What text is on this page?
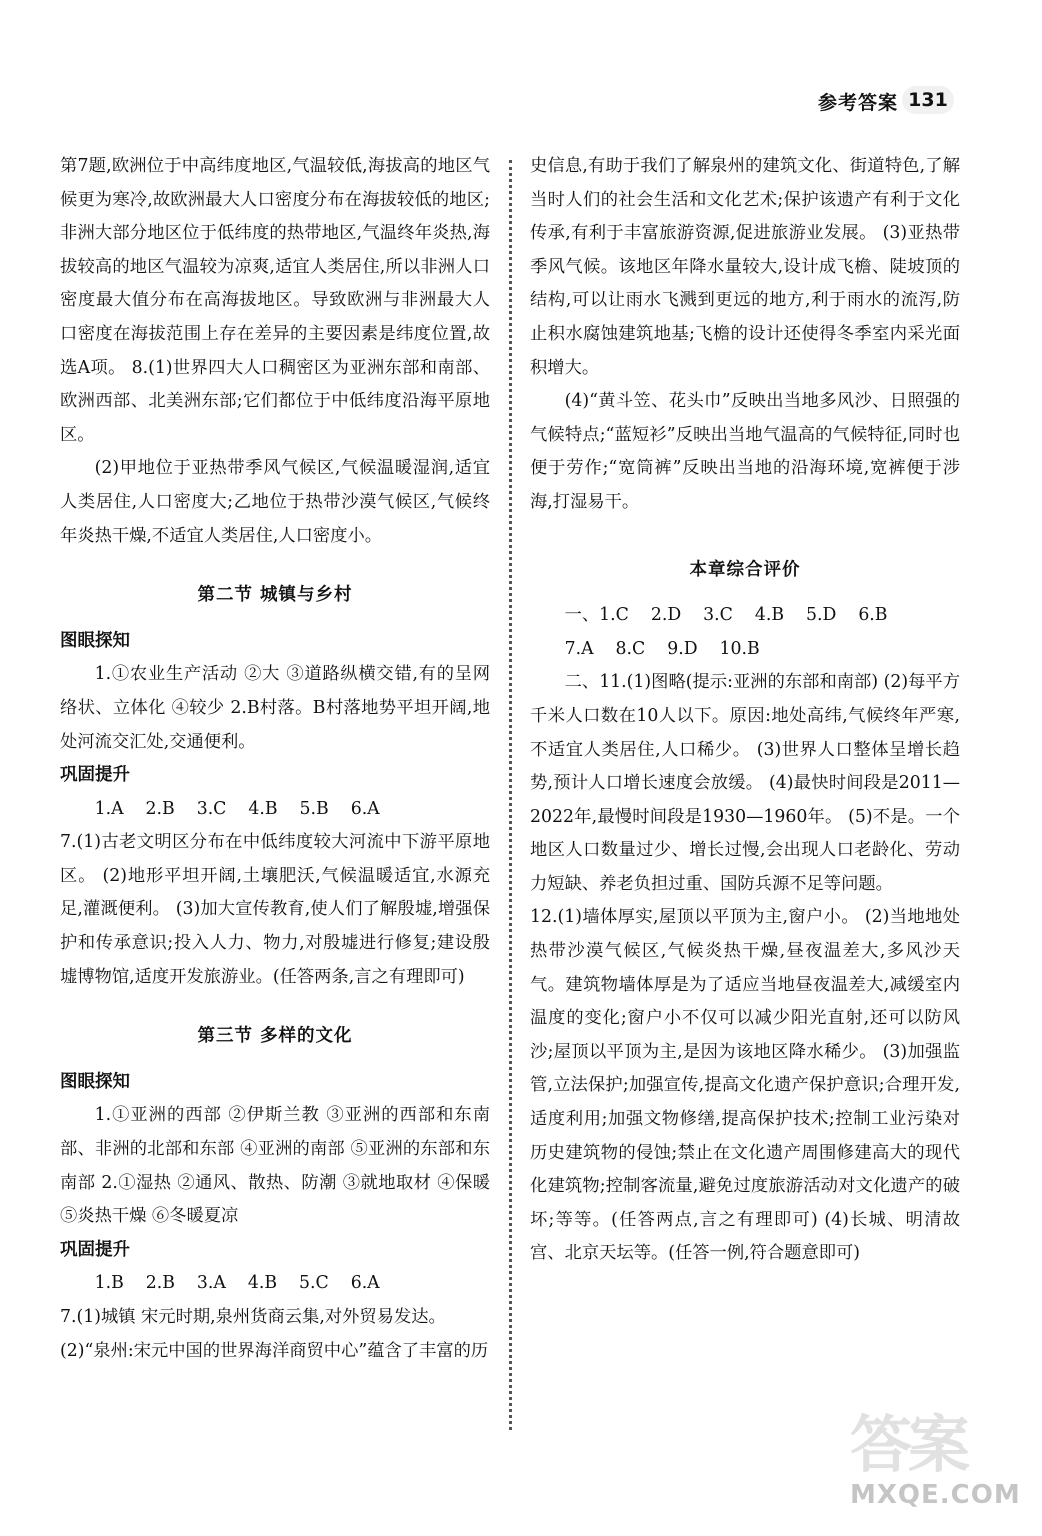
参考答案 131

第7题,欧洲位于中高纬度地区,气温较低,海拔高的地区气候更为寒冷,故欧洲最大人口密度分布在海拔较低的地区;非洲大部分地区位于低纬度的热带地区,气温终年炎热,海拔较高的地区气温较为凉爽,适宜人类居住,所以非洲人口密度最大值分布在高海拔地区。导致欧洲与非洲最大人口密度在海拔范围上存在差异的主要因素是纬度位置,故选A项。 8.(1)世界四大人口稠密区为亚洲东部和南部、欧洲西部、北美洲东部;它们都位于中低纬度沿海平原地区。

(2)甲地位于亚热带季风气候区,气候温暖湿润,适宜人类居住,人口密度大;乙地位于热带沙漠气候区,气候终年炎热干燥,不适宜人类居住,人口密度小。

第二节 城镇与乡村
图眼探知

1.①农业生产活动 ②大 ③道路纵横交错,有的呈网络状、立体化 ④较少 2.B村落。B村落地势平坦开阔,地处河流交汇处,交通便利。

巩固提升

1.A    2.B    3.C    4.B    5.B    6.A

7.(1)古老文明区分布在中低纬度较大河流中下游平原地区。 (2)地形平坦开阔,土壤肥沃,气候温暖适宜,水源充足,灌溉便利。 (3)加大宣传教育,使人们了解殷墟,增强保护和传承意识;投入人力、物力,对殷墟进行修复;建设殷墟博物馆,适度开发旅游业。(任答两条,言之有理即可)

第三节 多样的文化
图眼探知

1.①亚洲的西部 ②伊斯兰教 ③亚洲的西部和东南部、非洲的北部和东部 ④亚洲的南部 ⑤亚洲的东部和东南部 2.①湿热 ②通风、散热、防潮 ③就地取材 ④保暖 ⑤炎热干燥 ⑥冬暖夏凉

巩固提升

1.B    2.B    3.A    4.B    5.C    6.A

7.(1)城镇 宋元时期,泉州货商云集,对外贸易发达。

(2)“泉州:宋元中国的世界海洋商贸中心”蕴含了丰富的历

史信息,有助于我们了解泉州的建筑文化、街道特色,了解当时人们的社会生活和文化艺术;保护该遗产有利于文化传承,有利于丰富旅游资源,促进旅游业发展。 (3)亚热带季风气候。该地区年降水量较大,设计成飞檐、陡坡顶的结构,可以让雨水飞溅到更远的地方,利于雨水的流泻,防止积水腐蚀建筑地基;飞檐的设计还使得冬季室内采光面积增大。

(4)“黄斗笠、花头巾”反映出当地多风沙、日照强的气候特点;“蓝短衫”反映出当地气温高的气候特征,同时也便于劳作;“宽筒裤”反映出当地的沿海环境,宽裤便于涉海,打湿易干。

本章综合评价

一、1.C    2.D    3.C    4.B    5.D    6.B

7.A    8.C    9.D    10.B

二、11.(1)图略(提示:亚洲的东部和南部) (2)每平方千米人口数在10人以下。原因:地处高纬,气候终年严寒,不适宜人类居住,人口稀少。 (3)世界人口整体呈增长趋势,预计人口增长速度会放缓。 (4)最快时间段是2011—2022年,最慢时间段是1930—1960年。 (5)不是。一个地区人口数量过少、增长过慢,会出现人口老龄化、劳动力短缺、养老负担过重、国防兵源不足等问题。

12.(1)墙体厚实,屋顶以平顶为主,窗户小。 (2)当地地处热带沙漠气候区,气候炎热干燥,昼夜温差大,多风沙天气。建筑物墙体厚是为了适应当地昼夜温差大,减缓室内温度的变化;窗户小不仅可以减少阳光直射,还可以防风沙;屋顶以平顶为主,是因为该地区降水稀少。 (3)加强监管,立法保护;加强宣传,提高文化遗产保护意识;合理开发,适度利用;加强文物修缮,提高保护技术;控制工业污染对历史建筑物的侵蚀;禁止在文化遗产周围修建高大的现代化建筑物;控制客流量,避免过度旅游活动对文化遗产的破坏;等等。(任答两点,言之有理即可) (4)长城、明清故宫、北京天坛等。(任答一例,符合题意即可)

答案
MXQE.COM
